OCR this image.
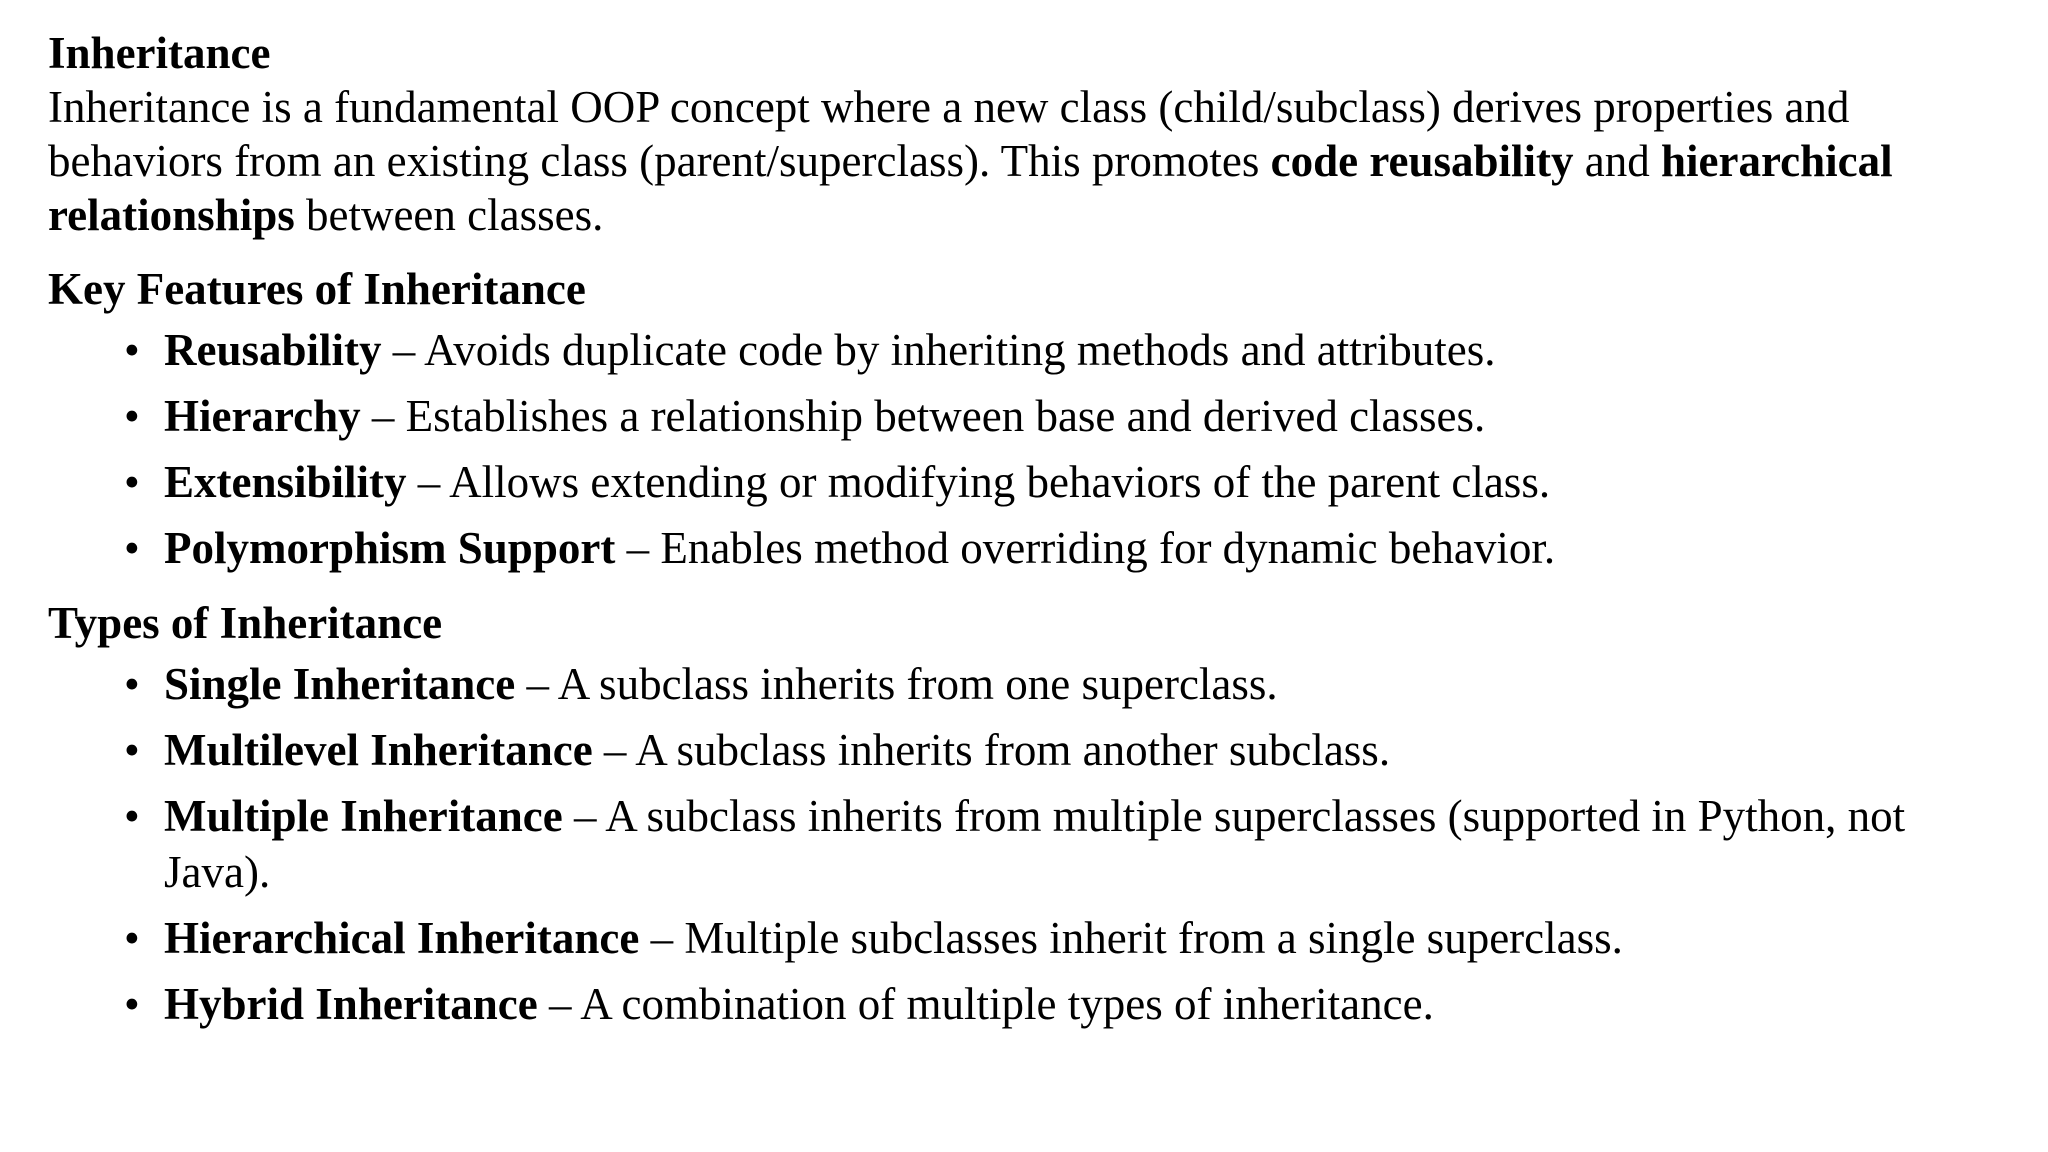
Inheritance

Inheritance is a fundamental OOP concept where a new class (child/subclass) derives properties and behaviors from an existing class (parent/superclass). This promotes code reusability and hierarchical relationships between classes.

Key Features of Inheritance
• Reusability – Avoids duplicate code by inheriting methods and attributes.
• Hierarchy – Establishes a relationship between base and derived classes.
• Extensibility – Allows extending or modifying behaviors of the parent class.
• Polymorphism Support – Enables method overriding for dynamic behavior.
Types of Inheritance
• Single Inheritance – A subclass inherits from one superclass.
• Multilevel Inheritance – A subclass inherits from another subclass.
• Multiple Inheritance – A subclass inherits from multiple superclasses (supported in Python, not Java).
• Hierarchical Inheritance – Multiple subclasses inherit from a single superclass.
• Hybrid Inheritance – A combination of multiple types of inheritance.
